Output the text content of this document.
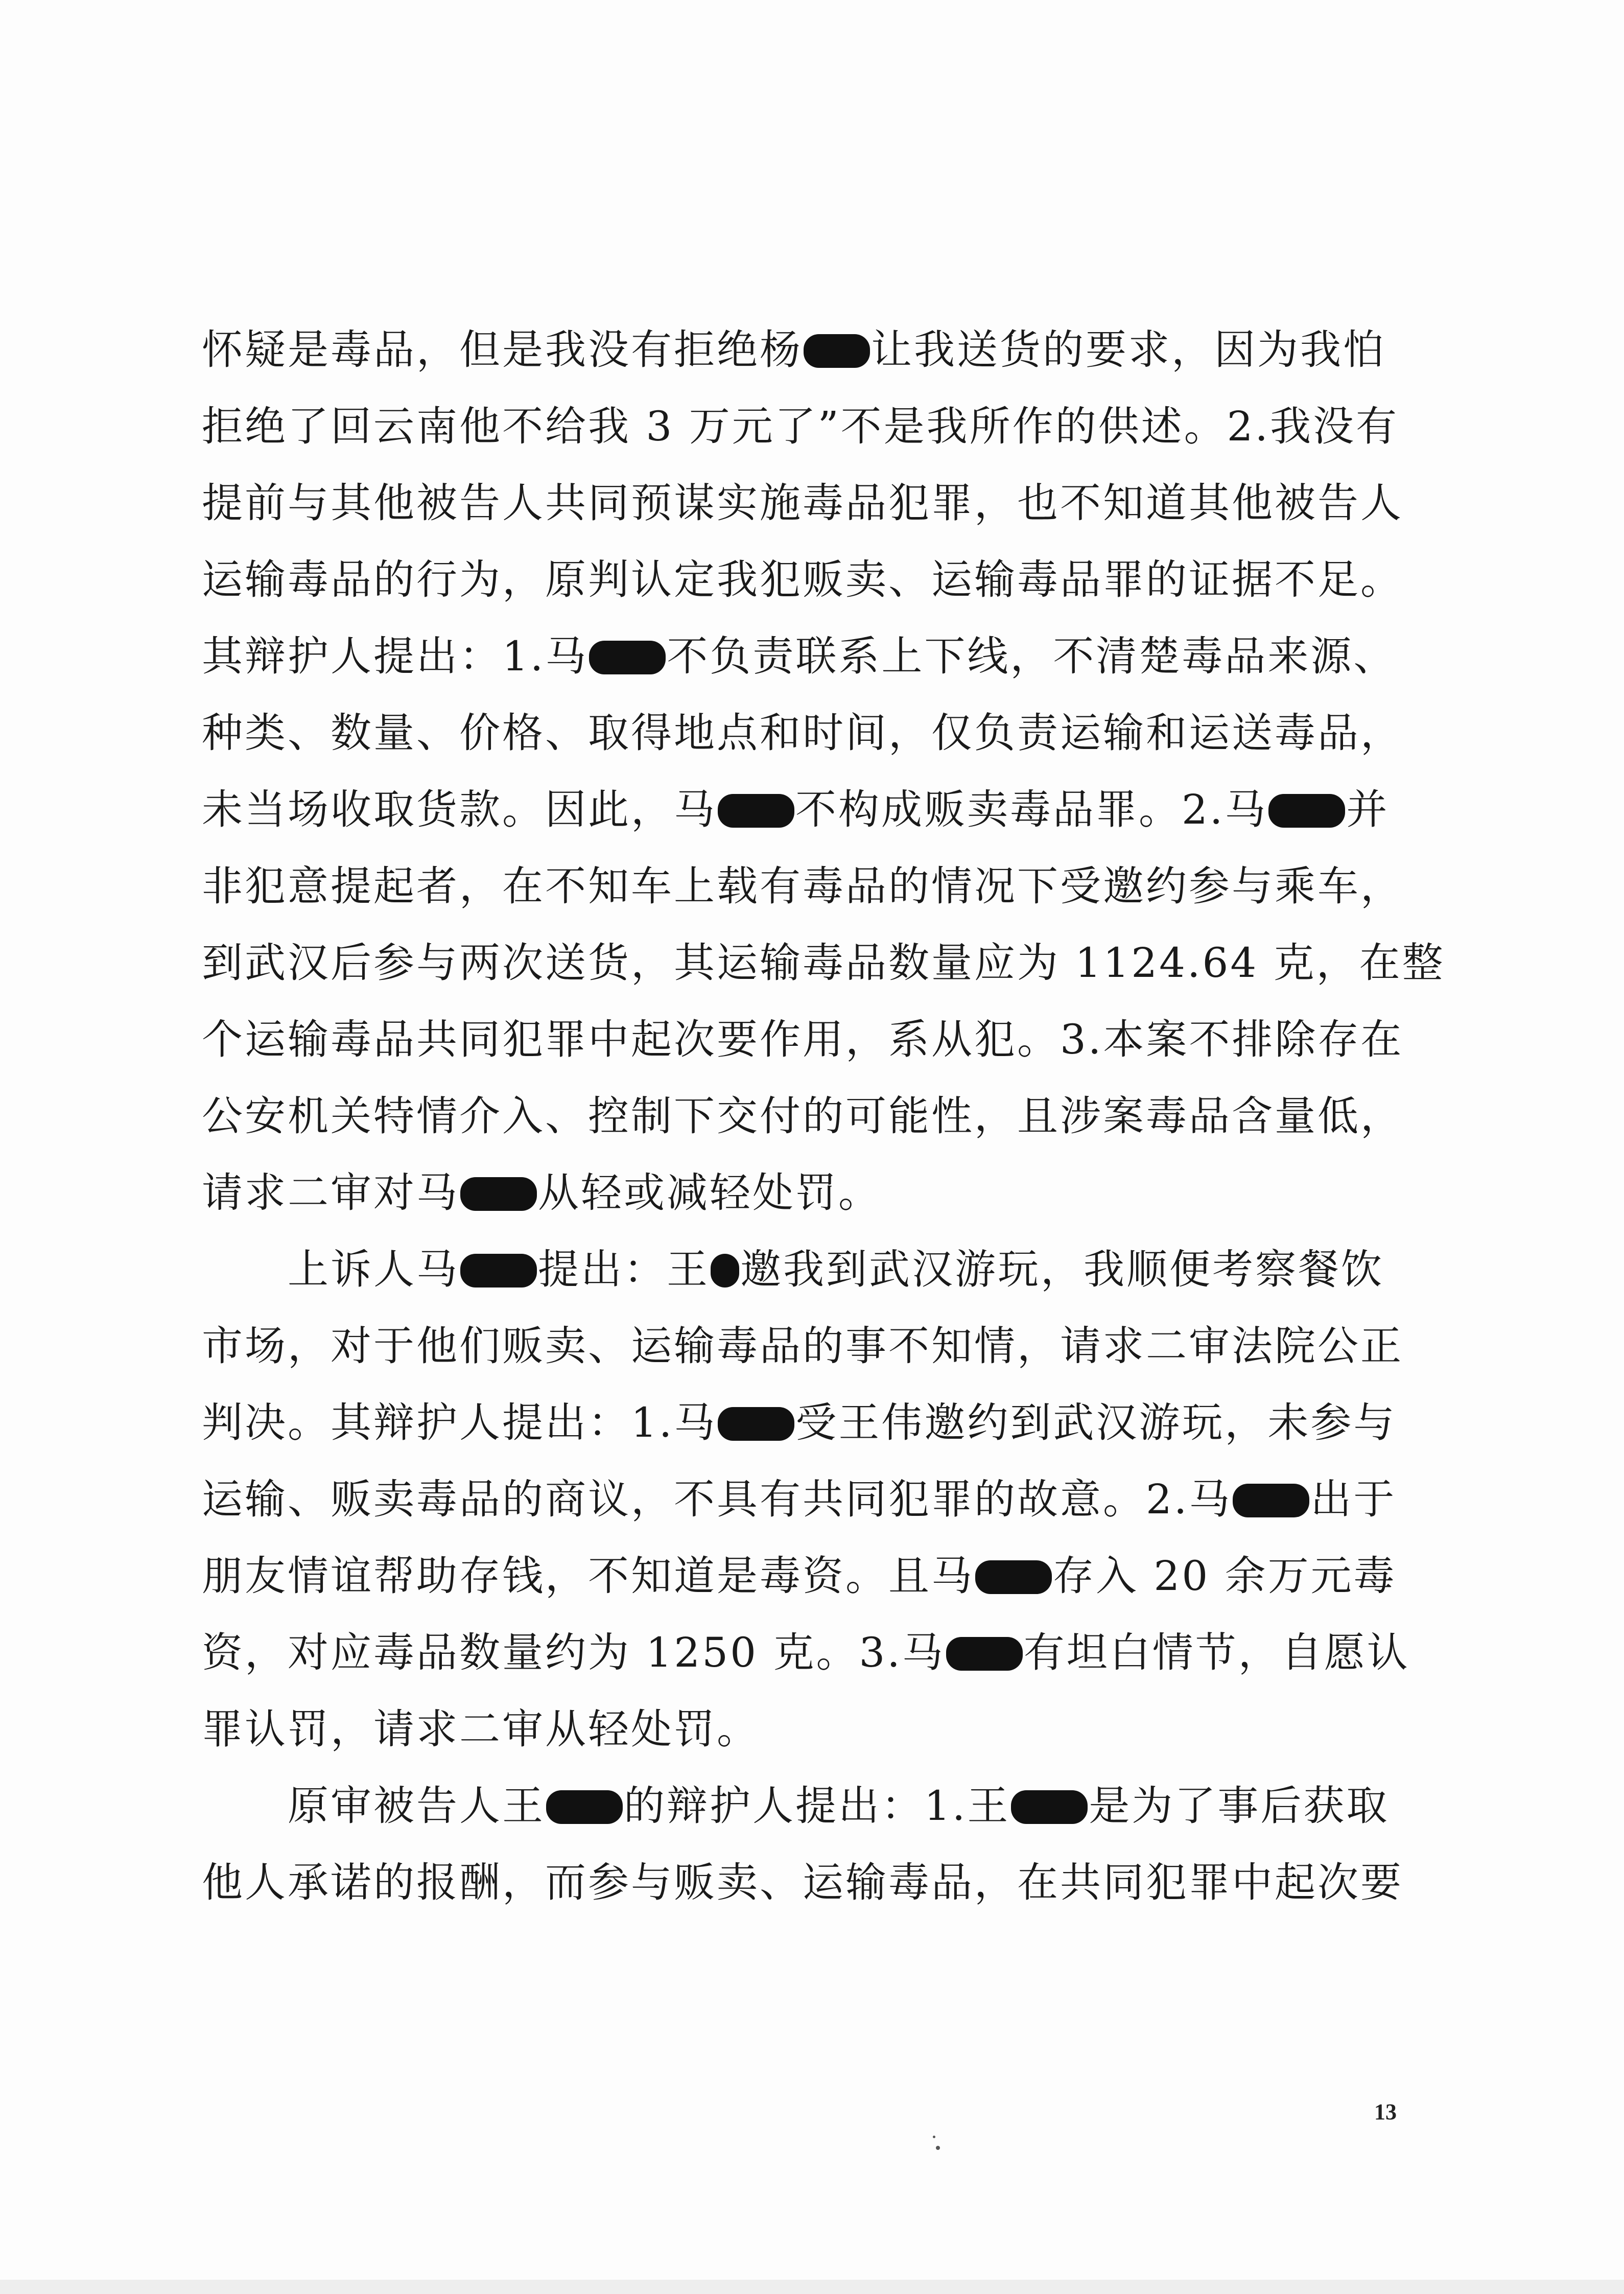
怀疑是毒品，但是我没有拒绝杨 让我送货的要求，因为我怕
拒绝了回云南他不给我 3 万元了”不是我所作的供述。2.我没有
提前与其他被告人共同预谋实施毒品犯罪，也不知道其他被告人
运输毒品的行为，原判认定我犯贩卖、运输毒品罪的证据不足。
其辩护人提出：1.马 不负责联系上下线，不清楚毒品来源、
种类、数量、价格、取得地点和时间，仅负责运输和运送毒品，
未当场收取货款。因此，马 不构成贩卖毒品罪。2.马 并
非犯意提起者，在不知车上载有毒品的情况下受邀约参与乘车，
到武汉后参与两次送货，其运输毒品数量应为 1124.64 克，在整
个运输毒品共同犯罪中起次要作用，系从犯。3.本案不排除存在
公安机关特情介入、控制下交付的可能性，且涉案毒品含量低，
请求二审对马 从轻或减轻处罚。
　　上诉人马 提出：王 邀我到武汉游玩，我顺便考察餐饮
市场，对于他们贩卖、运输毒品的事不知情，请求二审法院公正
判决。其辩护人提出：1.马 受王伟邀约到武汉游玩，未参与
运输、贩卖毒品的商议，不具有共同犯罪的故意。2.马 出于
朋友情谊帮助存钱，不知道是毒资。且马 存入 20 余万元毒
资，对应毒品数量约为 1250 克。3.马 有坦白情节，自愿认
罪认罚，请求二审从轻处罚。
　　原审被告人王 的辩护人提出：1.王 是为了事后获取
他人承诺的报酬，而参与贩卖、运输毒品，在共同犯罪中起次要
13
